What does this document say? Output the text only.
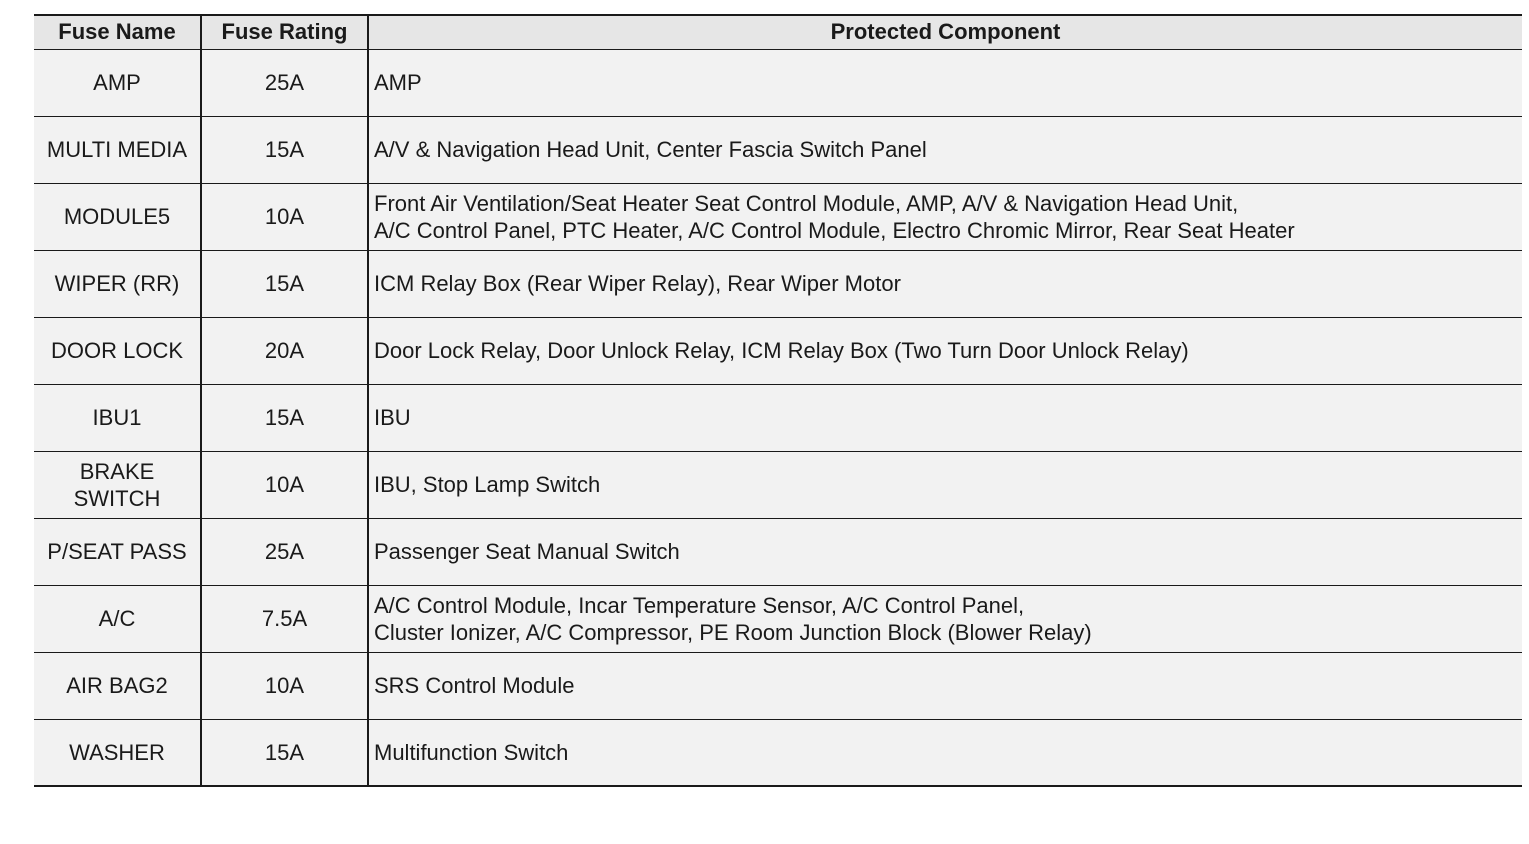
Fuse Name	Fuse Rating	Protected Component
AMP	25A	AMP

MULTI MEDIA	15A	A/V & Navigation Head Unit, Center Fascia Switch Panel

MODULE5	10A	Front Air Ventilation/Seat Heater Seat Control Module, AMP, A/V & Navigation Head Unit,
A/C Control Panel, PTC Heater, A/C Control Module, Electro Chromic Mirror, Rear Seat Heater

WIPER (RR)	15A	ICM Relay Box (Rear Wiper Relay), Rear Wiper Motor

DOOR LOCK	20A	Door Lock Relay, Door Unlock Relay, ICM Relay Box (Two Turn Door Unlock Relay)

IBU1	15A	IBU

BRAKE SWITCH	10A	IBU, Stop Lamp Switch

P/SEAT PASS	25A	Passenger Seat Manual Switch

A/C	7.5A	A/C Control Module, Incar Temperature Sensor, A/C Control Panel,
Cluster Ionizer, A/C Compressor, PE Room Junction Block (Blower Relay)

AIR BAG2	10A	SRS Control Module

WASHER	15A	Multifunction Switch
